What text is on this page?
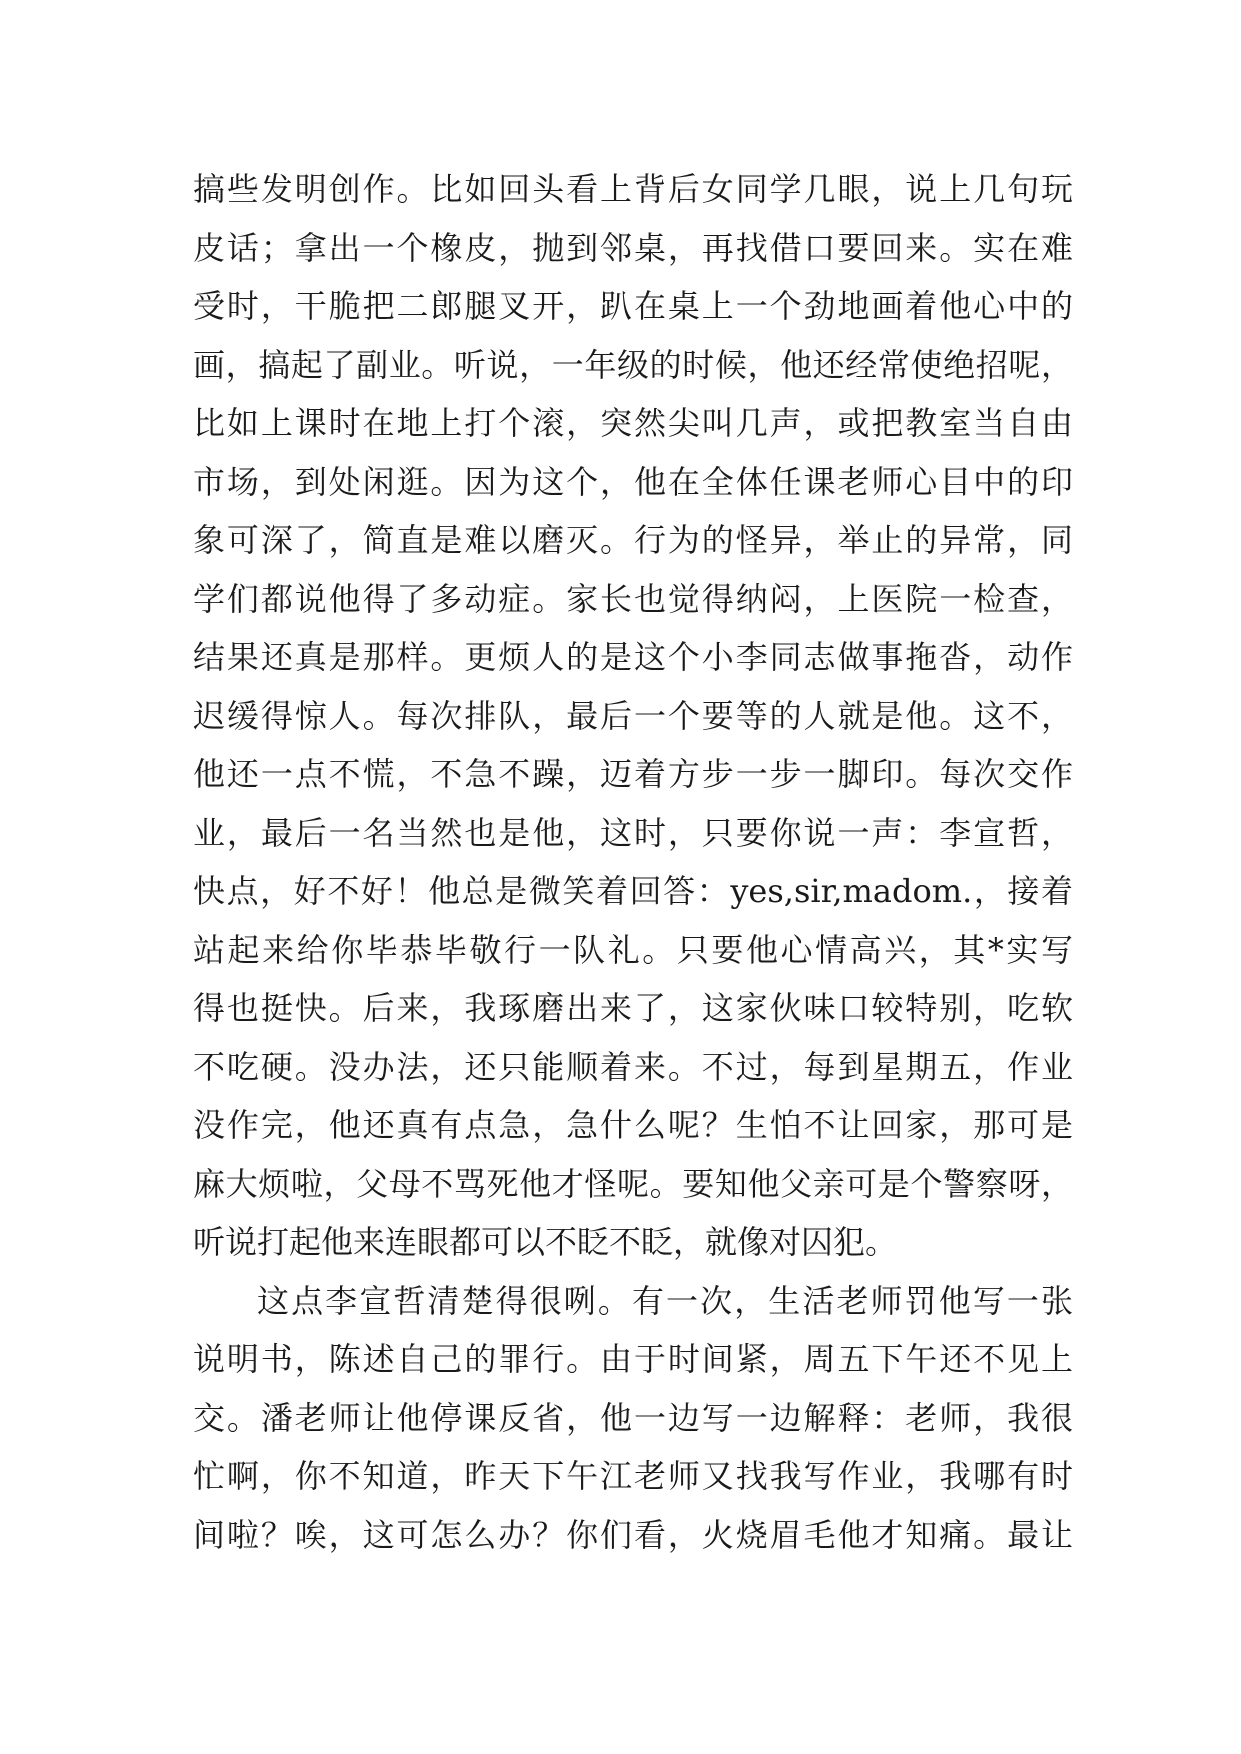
搞些发明创作。比如回头看上背后女同学几眼，说上几句玩
皮话；拿出一个橡皮，抛到邻桌，再找借口要回来。实在难
受时，干脆把二郎腿叉开，趴在桌上一个劲地画着他心中的
画，搞起了副业。听说，一年级的时候，他还经常使绝招呢，
比如上课时在地上打个滚，突然尖叫几声，或把教室当自由
市场，到处闲逛。因为这个，他在全体任课老师心目中的印
象可深了，简直是难以磨灭。行为的怪异，举止的异常，同
学们都说他得了多动症。家长也觉得纳闷，上医院一检查，
结果还真是那样。更烦人的是这个小李同志做事拖沓，动作
迟缓得惊人。每次排队，最后一个要等的人就是他。这不，
他还一点不慌，不急不躁，迈着方步一步一脚印。每次交作
业，最后一名当然也是他，这时，只要你说一声：李宣哲，
快点，好不好！他总是微笑着回答：yes,sir,madom.，接着
站起来给你毕恭毕敬行一队礼。只要他心情高兴，其*实写
得也挺快。后来，我琢磨出来了，这家伙味口较特别，吃软
不吃硬。没办法，还只能顺着来。不过，每到星期五，作业
没作完，他还真有点急，急什么呢？生怕不让回家，那可是
麻大烦啦，父母不骂死他才怪呢。要知他父亲可是个警察呀，
听说打起他来连眼都可以不眨不眨，就像对囚犯。
这点李宣哲清楚得很咧。有一次，生活老师罚他写一张
说明书，陈述自己的罪行。由于时间紧，周五下午还不见上
交。潘老师让他停课反省，他一边写一边解释：老师，我很
忙啊，你不知道，昨天下午江老师又找我写作业，我哪有时
间啦？唉，这可怎么办？你们看，火烧眉毛他才知痛。最让
